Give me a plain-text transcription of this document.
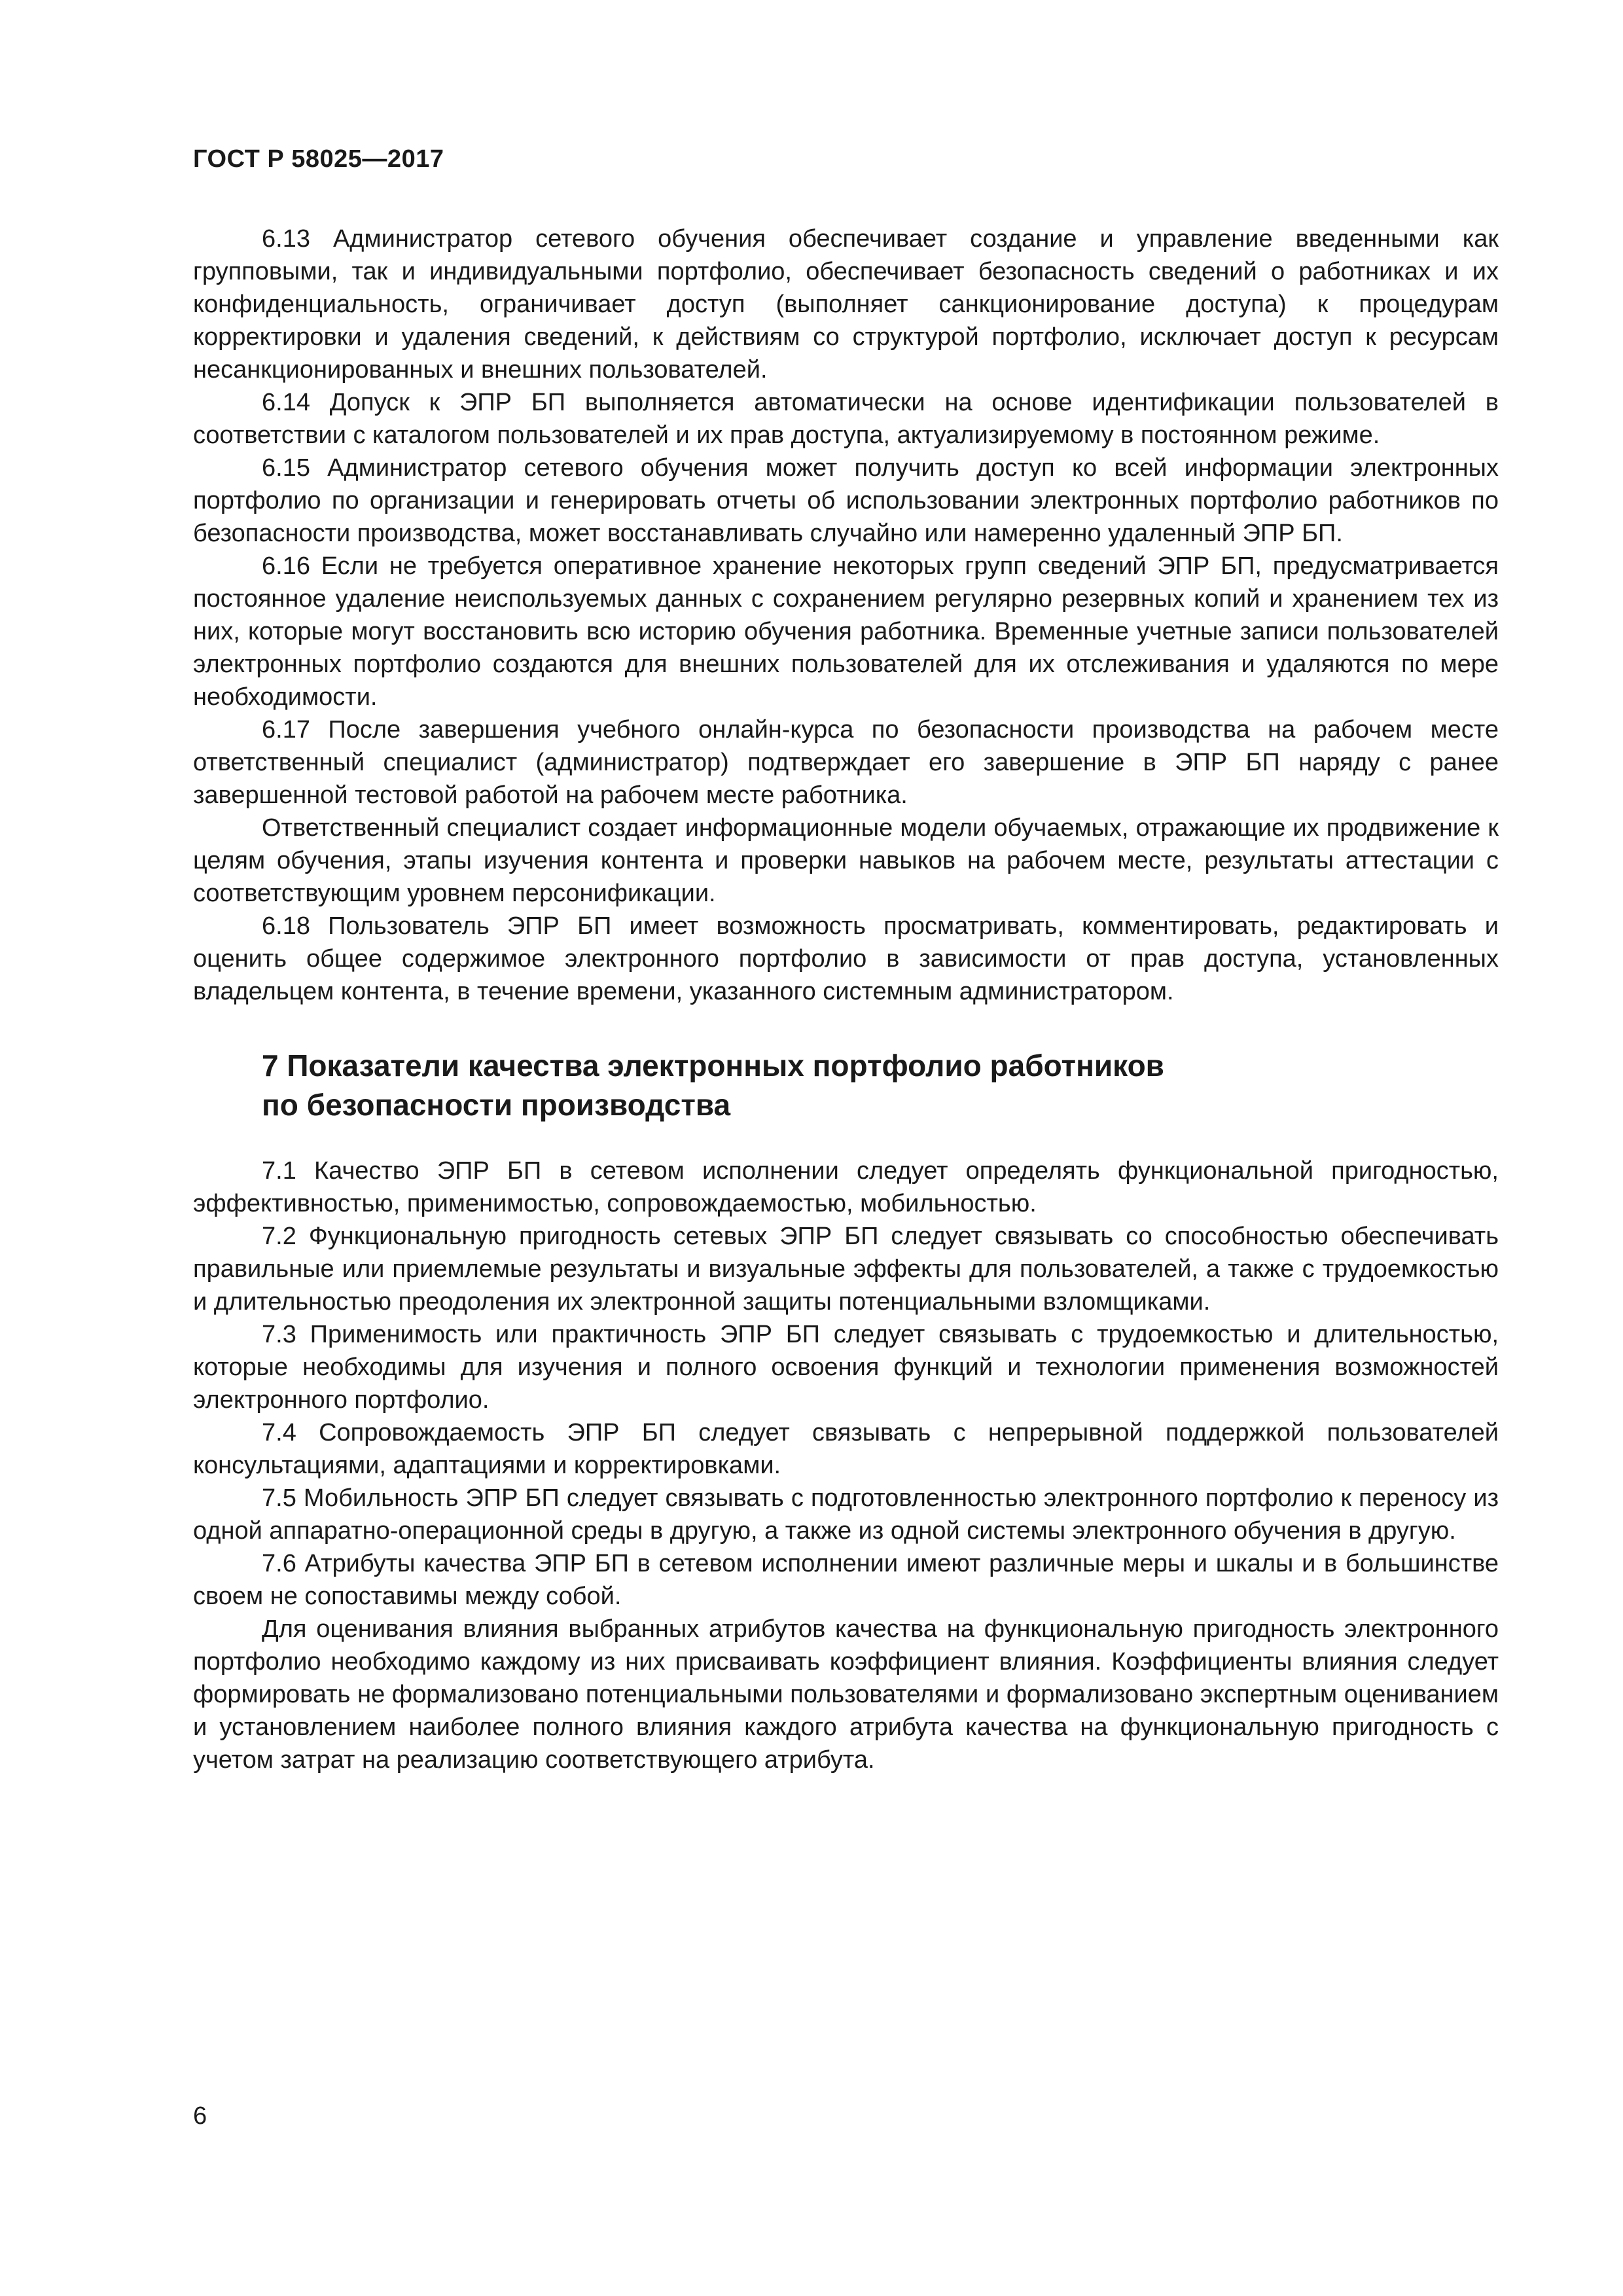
ГОСТ Р 58025—2017

6.13 Администратор сетевого обучения обеспечивает создание и управление введенными как групповыми, так и индивидуальными портфолио, обеспечивает безопасность сведений о работниках и их конфиденциальность, ограничивает доступ (выполняет санкционирование доступа) к процедурам корректировки и удаления сведений, к действиям со структурой портфолио, исключает доступ к ресурсам несанкционированных и внешних пользователей.

6.14 Допуск к ЭПР БП выполняется автоматически на основе идентификации пользователей в соответствии с каталогом пользователей и их прав доступа, актуализируемому в постоянном режиме.

6.15 Администратор сетевого обучения может получить доступ ко всей информации электронных портфолио по организации и генерировать отчеты об использовании электронных портфолио работников по безопасности производства, может восстанавливать случайно или намеренно удаленный ЭПР БП.

6.16 Если не требуется оперативное хранение некоторых групп сведений ЭПР БП, предусматривается постоянное удаление неиспользуемых данных с сохранением регулярно резервных копий и хранением тех из них, которые могут восстановить всю историю обучения работника. Временные учетные записи пользователей электронных портфолио создаются для внешних пользователей для их отслеживания и удаляются по мере необходимости.

6.17 После завершения учебного онлайн-курса по безопасности производства на рабочем месте ответственный специалист (администратор) подтверждает его завершение в ЭПР БП наряду с ранее завершенной тестовой работой на рабочем месте работника.

Ответственный специалист создает информационные модели обучаемых, отражающие их продвижение к целям обучения, этапы изучения контента и проверки навыков на рабочем месте, результаты аттестации с соответствующим уровнем персонификации.

6.18 Пользователь ЭПР БП имеет возможность просматривать, комментировать, редактировать и оценить общее содержимое электронного портфолио в зависимости от прав доступа, установленных владельцем контента, в течение времени, указанного системным администратором.

7 Показатели качества электронных портфолио работников
по безопасности производства

7.1 Качество ЭПР БП в сетевом исполнении следует определять функциональной пригодностью, эффективностью, применимостью, сопровождаемостью, мобильностью.

7.2 Функциональную пригодность сетевых ЭПР БП следует связывать со способностью обеспечивать правильные или приемлемые результаты и визуальные эффекты для пользователей, а также с трудоемкостью и длительностью преодоления их электронной защиты потенциальными взломщиками.

7.3 Применимость или практичность ЭПР БП следует связывать с трудоемкостью и длительностью, которые необходимы для изучения и полного освоения функций и технологии применения возможностей электронного портфолио.

7.4 Сопровождаемость ЭПР БП следует связывать с непрерывной поддержкой пользователей консультациями, адаптациями и корректировками.

7.5 Мобильность ЭПР БП следует связывать с подготовленностью электронного портфолио к переносу из одной аппаратно-операционной среды в другую, а также из одной системы электронного обучения в другую.

7.6 Атрибуты качества ЭПР БП в сетевом исполнении имеют различные меры и шкалы и в большинстве своем не сопоставимы между собой.

Для оценивания влияния выбранных атрибутов качества на функциональную пригодность электронного портфолио необходимо каждому из них присваивать коэффициент влияния. Коэффициенты влияния следует формировать не формализовано потенциальными пользователями и формализовано экспертным оцениванием и установлением наиболее полного влияния каждого атрибута качества на функциональную пригодность с учетом затрат на реализацию соответствующего атрибута.

6
